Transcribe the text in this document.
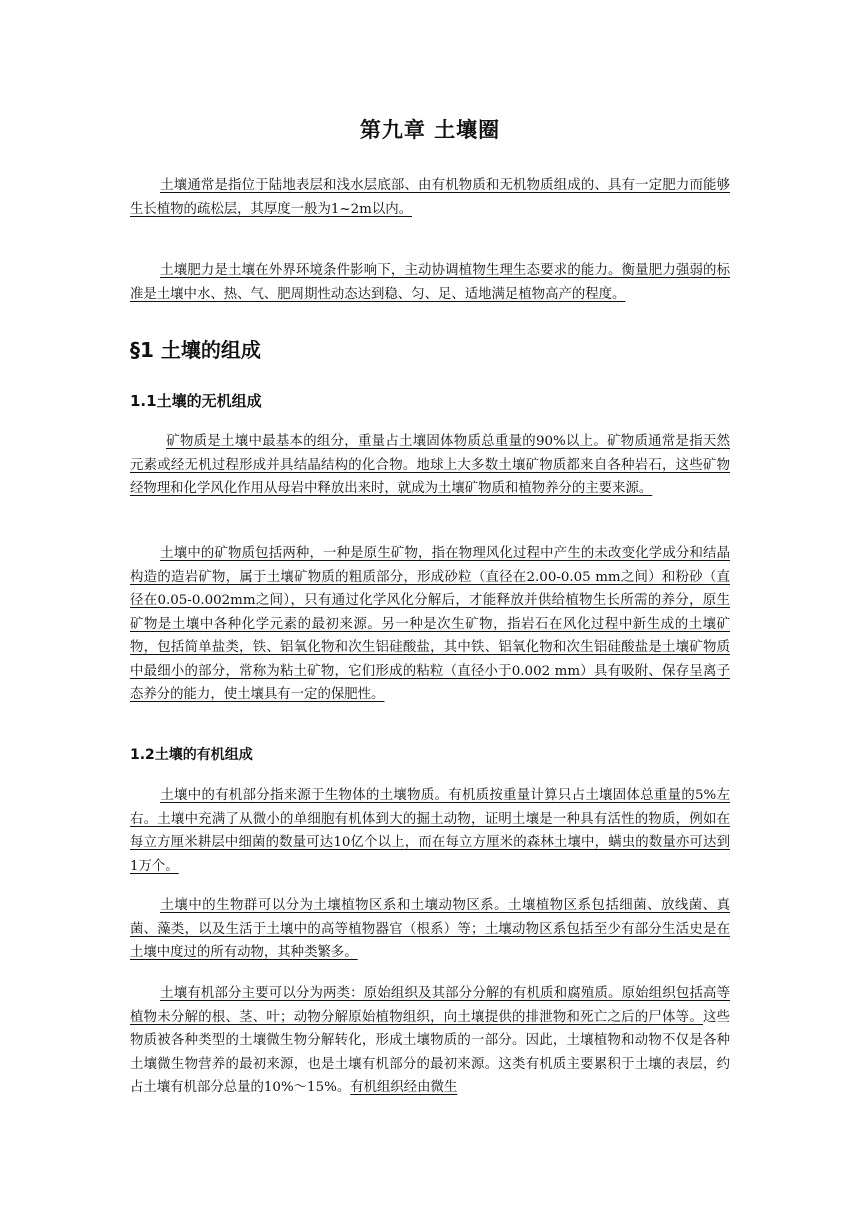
第九章 土壤圈

土壤通常是指位于陆地表层和浅水层底部、由有机物质和无机物质组成的、具有一定肥力而能够生长植物的疏松层，其厚度一般为1~2m以内。

土壤肥力是土壤在外界环境条件影响下，主动协调植物生理生态要求的能力。衡量肥力强弱的标准是土壤中水、热、气、肥周期性动态达到稳、匀、足、适地满足植物高产的程度。

§1 土壤的组成
1.1土壤的无机组成

矿物质是土壤中最基本的组分，重量占土壤固体物质总重量的90%以上。矿物质通常是指天然元素或经无机过程形成并具结晶结构的化合物。地球上大多数土壤矿物质都来自各种岩石，这些矿物经物理和化学风化作用从母岩中释放出来时，就成为土壤矿物质和植物养分的主要来源。

土壤中的矿物质包括两种，一种是原生矿物，指在物理风化过程中产生的未改变化学成分和结晶构造的造岩矿物，属于土壤矿物质的粗质部分，形成砂粒（直径在2.00-0.05 mm之间）和粉砂（直径在0.05-0.002mm之间），只有通过化学风化分解后，才能释放并供给植物生长所需的养分，原生矿物是土壤中各种化学元素的最初来源。另一种是次生矿物，指岩石在风化过程中新生成的土壤矿物，包括简单盐类，铁、铝氧化物和次生铝硅酸盐，其中铁、铝氧化物和次生铝硅酸盐是土壤矿物质中最细小的部分，常称为粘土矿物，它们形成的粘粒（直径小于0.002 mm）具有吸附、保存呈离子态养分的能力，使土壤具有一定的保肥性。

1.2土壤的有机组成

土壤中的有机部分指来源于生物体的土壤物质。有机质按重量计算只占土壤固体总重量的5%左右。土壤中充满了从微小的单细胞有机体到大的掘土动物，证明土壤是一种具有活性的物质，例如在每立方厘米耕层中细菌的数量可达10亿个以上，而在每立方厘米的森林土壤中，螨虫的数量亦可达到1万个。

土壤中的生物群可以分为土壤植物区系和土壤动物区系。土壤植物区系包括细菌、放线菌、真菌、藻类，以及生活于土壤中的高等植物器官（根系）等；土壤动物区系包括至少有部分生活史是在土壤中度过的所有动物，其种类繁多。

土壤有机部分主要可以分为两类：原始组织及其部分分解的有机质和腐殖质。原始组织包括高等植物未分解的根、茎、叶；动物分解原始植物组织，向土壤提供的排泄物和死亡之后的尸体等。这些物质被各种类型的土壤微生物分解转化，形成土壤物质的一部分。因此，土壤植物和动物不仅是各种土壤微生物营养的最初来源，也是土壤有机部分的最初来源。这类有机质主要累积于土壤的表层，约占土壤有机部分总量的10%～15%。有机组织经由微生
